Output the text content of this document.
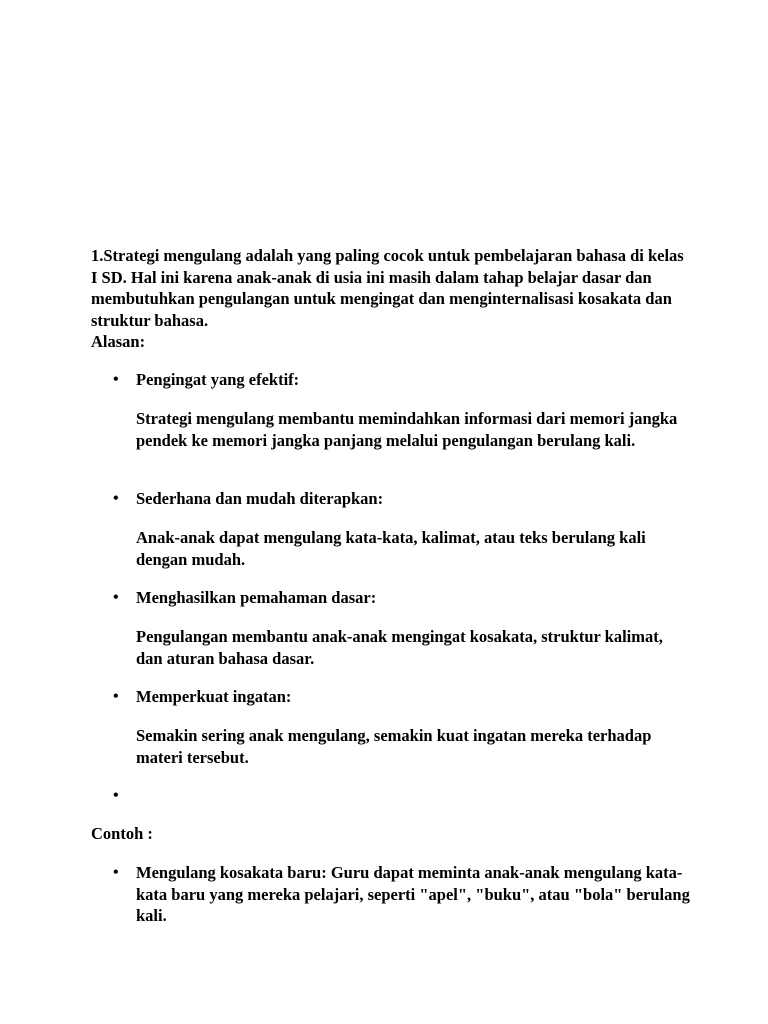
1.Strategi mengulang adalah yang paling cocok untuk pembelajaran bahasa di kelas I SD. Hal ini karena anak-anak di usia ini masih dalam tahap belajar dasar dan membutuhkan pengulangan untuk mengingat dan menginternalisasi kosakata dan struktur bahasa.

Alasan:

•	Pengingat yang efektif:
Strategi mengulang membantu memindahkan informasi dari memori jangka pendek ke memori jangka panjang melalui pengulangan berulang kali.
•	Sederhana dan mudah diterapkan:
Anak-anak dapat mengulang kata-kata, kalimat, atau teks berulang kali dengan mudah.
•	Menghasilkan pemahaman dasar:
Pengulangan membantu anak-anak mengingat kosakata, struktur kalimat, dan aturan bahasa dasar.
•	Memperkuat ingatan:
Semakin sering anak mengulang, semakin kuat ingatan mereka terhadap materi tersebut.
•

Contoh :

•	Mengulang kosakata baru: Guru dapat meminta anak-anak mengulang kata-kata baru yang mereka pelajari, seperti "apel", "buku", atau "bola" berulang kali.
